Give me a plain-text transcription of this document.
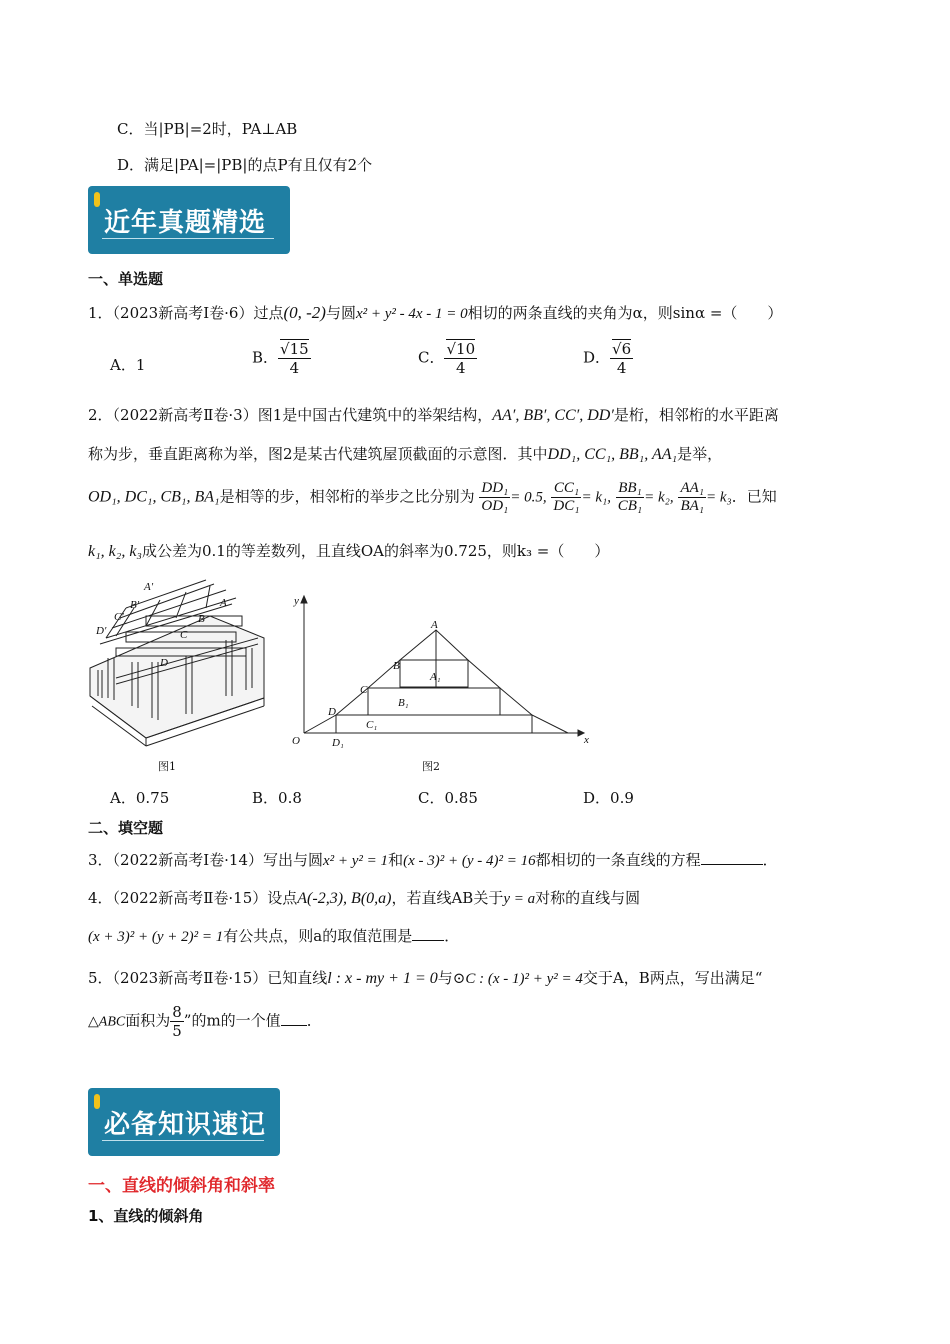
C．当|PB|=2时，PA⊥AB
D．满足|PA|=|PB|的点P有且仅有2个
近年真题精选
一、单选题
1．（2023新高考Ⅰ卷·6）过点(0, -2)与圆x² + y² - 4x - 1 = 0相切的两条直线的夹角为α，则sinα =（　　）
A．1	B． $\frac{√15}{4}$	C． $\frac{√10}{4}$	D． $\frac{√6}{4}$
2．（2022新高考Ⅱ卷·3）图1是中国古代建筑中的举架结构，AA′, BB′, CC′, DD′是桁，相邻桁的水平距离
称为步，垂直距离称为举，图2是某古代建筑屋顶截面的示意图．其中DD₁, CC₁, BB₁, AA₁是举，
OD₁, DC₁, CB₁, BA₁是相等的步，相邻桁的举步之比分别为 $\frac{\text{DD₁}}{\text{OD₁}} = 0.5$, $\frac{\text{CC₁}}{\text{DC₁}} = k_1$, $\frac{\text{BB₁}}{\text{CB₁}} = k_2$, $\frac{\text{AA₁}}{\text{BA₁}} = k_3$．已知
k₁, k₂, k₃成公差为0.1的等差数列，且直线OA的斜率为0.725，则k₃ =（　　）
A′
A
B′
B
C′
C
D′
D
图1
y
x
O
A
B
C
D
A₁
B₁
C₁
D₁
图2
A．0.75	B．0.8	C．0.85	D．0.9
二、填空题
3．（2022新高考Ⅰ卷·14）写出与圆x² + y² = 1和(x - 3)² + (y - 4)² = 16都相切的一条直线的方程	．
4．（2022新高考Ⅱ卷·15）设点A(-2,3), B(0,a)，若直线AB关于y = a对称的直线与圆
(x + 3)² + (y + 2)² = 1有公共点，则a的取值范围是 ．
5．（2023新高考Ⅱ卷·15）已知直线l : x - my + 1 = 0与⊙C : (x - 1)² + y² = 4交于A，B两点，写出满足“
△ABC面积为 $\frac{8}{5}$ ”的m的一个值 ．
必备知识速记
一、直线的倾斜角和斜率
1、直线的倾斜角
